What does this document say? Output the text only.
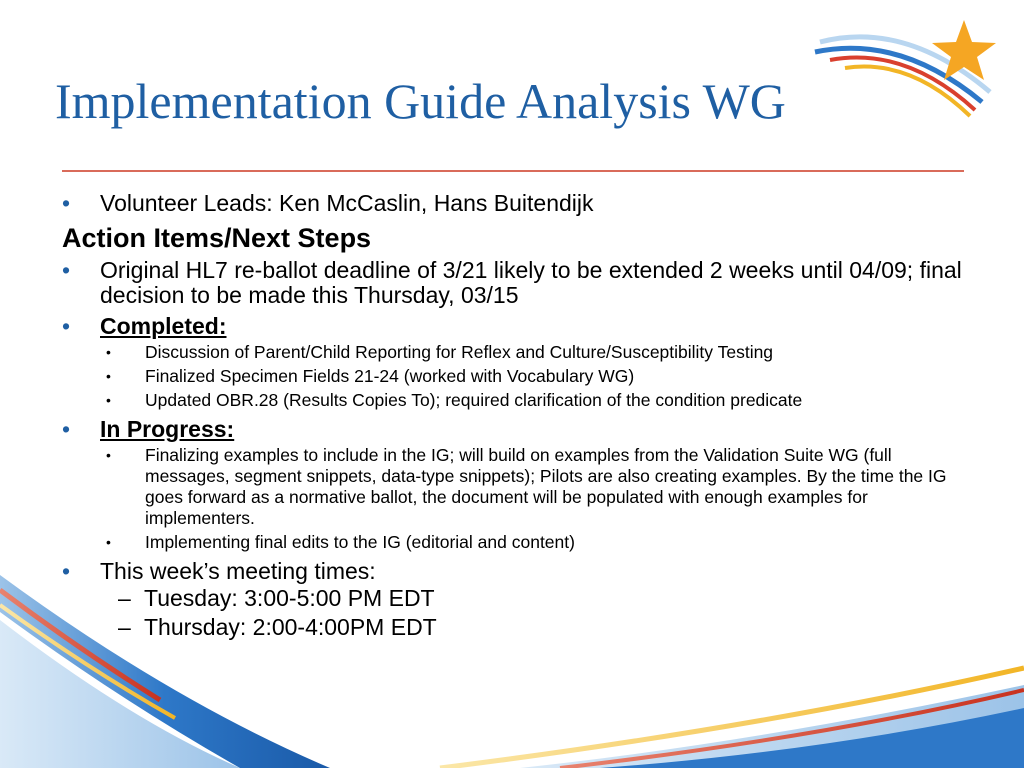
Implementation Guide Analysis WG
• Volunteer Leads: Ken McCaslin, Hans Buitendijk
Action Items/Next Steps
• Original HL7 re-ballot deadline of 3/21 likely to be extended 2 weeks until 04/09; final decision to be made this Thursday, 03/15
• Completed:
• Discussion of Parent/Child Reporting for Reflex and Culture/Susceptibility Testing
• Finalized Specimen Fields 21-24 (worked with Vocabulary WG)
• Updated OBR.28 (Results Copies To); required clarification of the condition predicate
• In Progress:
• Finalizing examples to include in the IG; will build on examples from the Validation Suite WG (full messages, segment snippets, data-type snippets); Pilots are also creating examples. By the time the IG goes forward as a normative ballot, the document will be populated with enough examples for implementers.
• Implementing final edits to the IG (editorial and content)
• This week’s meeting times:
– Tuesday: 3:00-5:00 PM EDT
– Thursday: 2:00-4:00PM EDT
